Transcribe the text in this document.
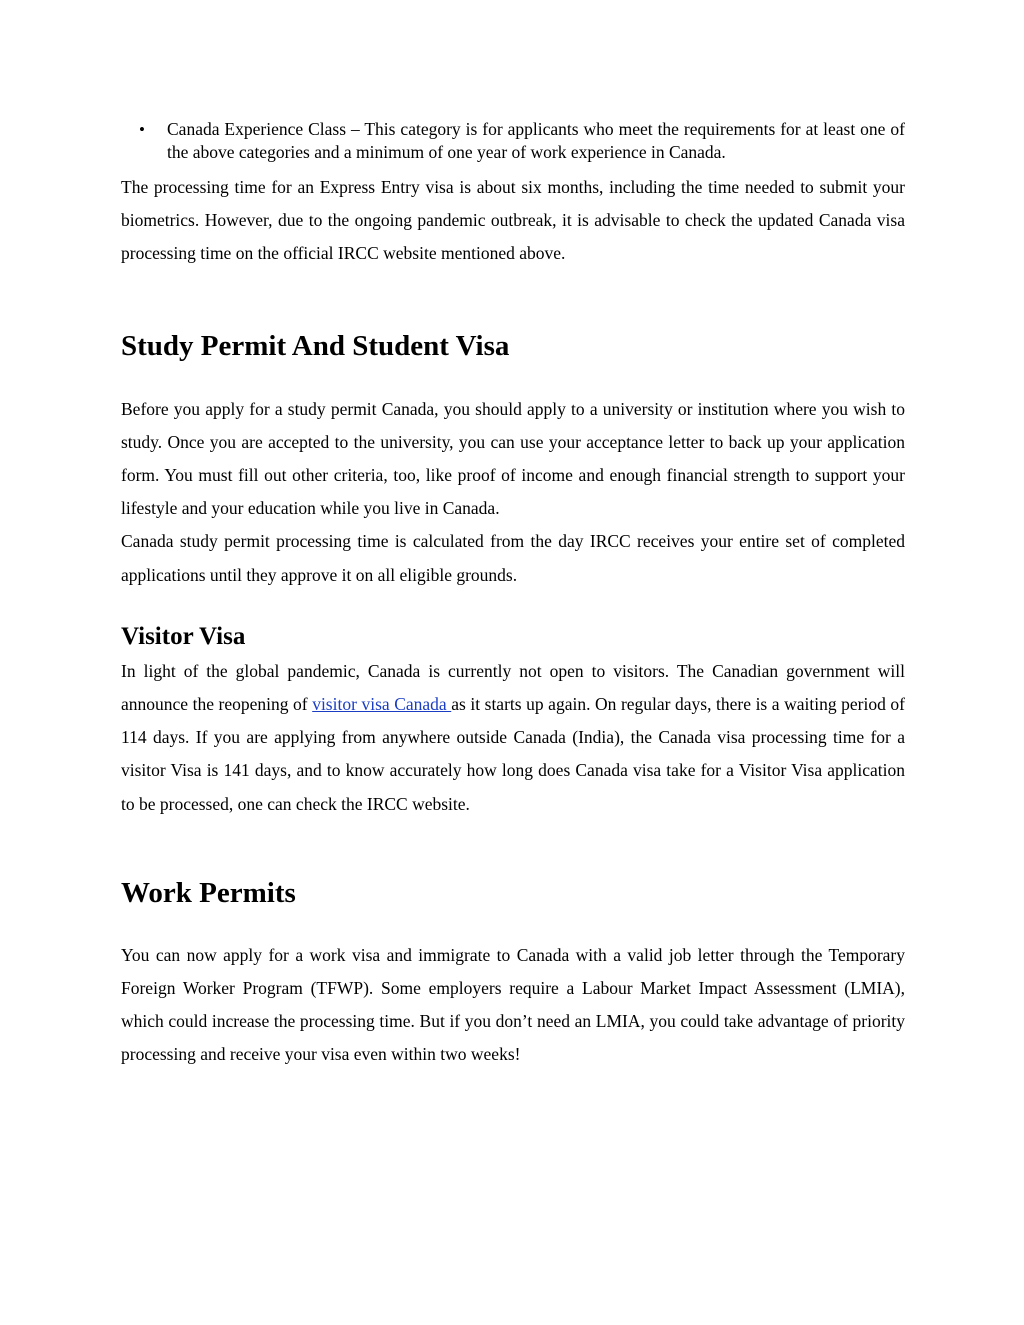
• Canada Experience Class – This category is for applicants who meet the requirements for at least one of the above categories and a minimum of one year of work experience in Canada.

The processing time for an Express Entry visa is about six months, including the time needed to submit your biometrics. However, due to the ongoing pandemic outbreak, it is advisable to check the updated Canada visa processing time on the official IRCC website mentioned above.

Study Permit And Student Visa

Before you apply for a study permit Canada, you should apply to a university or institution where you wish to study. Once you are accepted to the university, you can use your acceptance letter to back up your application form. You must fill out other criteria, too, like proof of income and enough financial strength to support your lifestyle and your education while you live in Canada.

Canada study permit processing time is calculated from the day IRCC receives your entire set of completed applications until they approve it on all eligible grounds.

Visitor Visa

In light of the global pandemic, Canada is currently not open to visitors. The Canadian government will announce the reopening of visitor visa Canada as it starts up again. On regular days, there is a waiting period of 114 days. If you are applying from anywhere outside Canada (India), the Canada visa processing time for a visitor Visa is 141 days, and to know accurately how long does Canada visa take for a Visitor Visa application to be processed, one can check the IRCC website.

Work Permits

You can now apply for a work visa and immigrate to Canada with a valid job letter through the Temporary Foreign Worker Program (TFWP). Some employers require a Labour Market Impact Assessment (LMIA), which could increase the processing time. But if you don’t need an LMIA, you could take advantage of priority processing and receive your visa even within two weeks!
